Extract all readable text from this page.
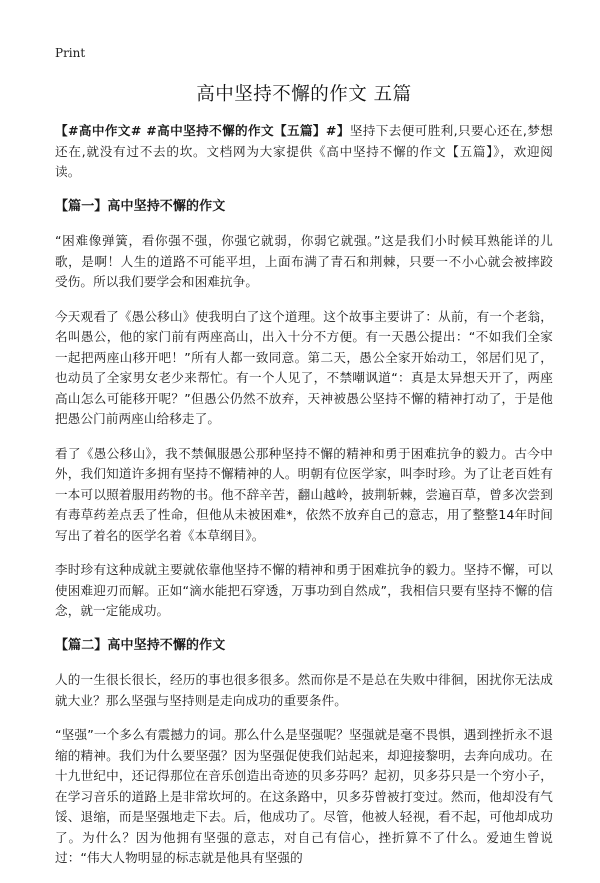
Print
高中坚持不懈的作文 五篇

【#高中作文# #高中坚持不懈的作文【五篇】#】坚持下去便可胜利,只要心还在,梦想还在,就没有过不去的坎。文档网为大家提供《高中坚持不懈的作文【五篇】》，欢迎阅读。

【篇一】高中坚持不懈的作文

“困难像弹簧，看你强不强，你强它就弱，你弱它就强。”这是我们小时候耳熟能详的儿歌，是啊！人生的道路不可能平坦，上面布满了青石和荆棘，只要一不小心就会被摔跤 受伤。所以我们要学会和困难抗争。

今天观看了《愚公移山》使我明白了这个道理。这个故事主要讲了：从前，有一个老翁，名叫愚公，他的家门前有两座高山，出入十分不方便。有一天愚公提出：“不如我们全家一起把两座山移开吧！”所有人都一致同意。第二天，愚公全家开始动工，邻居们见了，也动员了全家男女老少来帮忙。有一个人见了，不禁嘲讽道“：真是太异想天开了，两座高山怎么可能移开呢？”但愚公仍然不放弃，天神被愚公坚持不懈的精神打动了，于是他把愚公门前两座山给移走了。

看了《愚公移山》，我不禁佩服愚公那种坚持不懈的精神和勇于困难抗争的毅力。古今中外，我们知道许多拥有坚持不懈精神的人。明朝有位医学家，叫李时珍。为了让老百姓有一本可以照着服用药物的书。他不辞辛苦，翻山越岭，披荆斩棘，尝遍百草，曾多次尝到有毒草药差点丢了性命，但他从未被困难*，依然不放弃自己的意志，用了整整14年时间写出了着名的医学名着《本草纲目》。

李时珍有这种成就主要就依靠他坚持不懈的精神和勇于困难抗争的毅力。坚持不懈，可以使困难迎刃而解。正如“滴水能把石穿透，万事功到自然成”，我相信只要有坚持不懈的信念，就一定能成功。

【篇二】高中坚持不懈的作文

人的一生很长很长，经历的事也很多很多。然而你是不是总在失败中徘徊，困扰你无法成就大业？那么坚强与坚持则是走向成功的重要条件。

“坚强”一个多么有震撼力的词。那么什么是坚强呢？坚强就是毫不畏惧，遇到挫折永不退缩的精神。我们为什么要坚强？因为坚强促使我们站起来，却迎接黎明，去奔向成功。在十九世纪中，还记得那位在音乐创造出奇迹的贝多芬吗？起初，贝多芬只是一个穷小子，在学习音乐的道路上是非常坎坷的。在这条路中，贝多芬曾被打变过。然而，他却没有气馁、退缩，而是坚强地走下去。后，他成功了。尽管，他被人轻视，看不起，可他却成功了。为什么？因为他拥有坚强的意志，对自己有信心，挫折算不了什么。爱迪生曾说过：“伟大人物明显的标志就是他具有坚强的
